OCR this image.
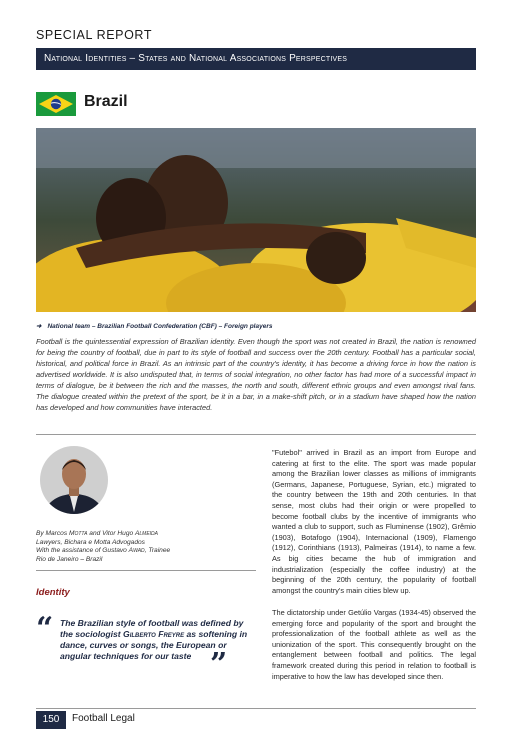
SPECIAL REPORT
National Identities – States and National Associations Perspectives
Brazil
➜ National team – Brazilian Football Confederation (CBF) – Foreign players
Football is the quintessential expression of Brazilian identity. Even though the sport was not created in Brazil, the nation is renowned for being the country of football, due in part to its style of football and success over the 20th century. Football has a particular social, historical, and political force in Brazil. As an intrinsic part of the country's identity, it has become a driving force in how the nation is advertised worldwide. It is also undisputed that, in terms of social integration, no other factor has had more of a successful impact in terms of dialogue, be it between the rich and the masses, the north and south, different ethnic groups and even amongst rival fans. The dialogue created within the pretext of the sport, be it in a bar, in a make-shift pitch, or in a stadium have shaped how the nation has developed and how communities have interacted.
By Marcos Motta and Vitor Hugo Almeida
Lawyers, Bichara e Motta Advogados
With the assistance of Gustavo Awad, Trainee
Rio de Janeiro – Brazil
Identity
“ The Brazilian style of football was defined by the sociologist Gilberto Freyre as softening in dance, curves or songs, the European or angular techniques for our taste ”
"Futebol" arrived in Brazil as an import from Europe and catering at first to the elite. The sport was made popular among the Brazilian lower classes as millions of immigrants (Germans, Japanese, Portuguese, Syrian, etc.) migrated to the country between the 19th and 20th centuries. In that sense, most clubs had their origin or were propelled to become football clubs by the incentive of immigrants who wanted a club to support, such as Fluminense (1902), Grêmio (1903), Botafogo (1904), Internacional (1909), Flamengo (1912), Corinthians (1913), Palmeiras (1914), to name a few. As big cities became the hub of immigration and industrialization (especially the coffee industry) at the beginning of the 20th century, the popularity of football amongst the country's main cities blew up.
The dictatorship under Getúlio Vargas (1934-45) observed the emerging force and popularity of the sport and brought the professionalization of the football athlete as well as the unionization of the sport. This consequently brought on the entanglement between football and politics. The legal framework created during this period in relation to football is imperative to how the law has developed since then.
150	Football Legal
